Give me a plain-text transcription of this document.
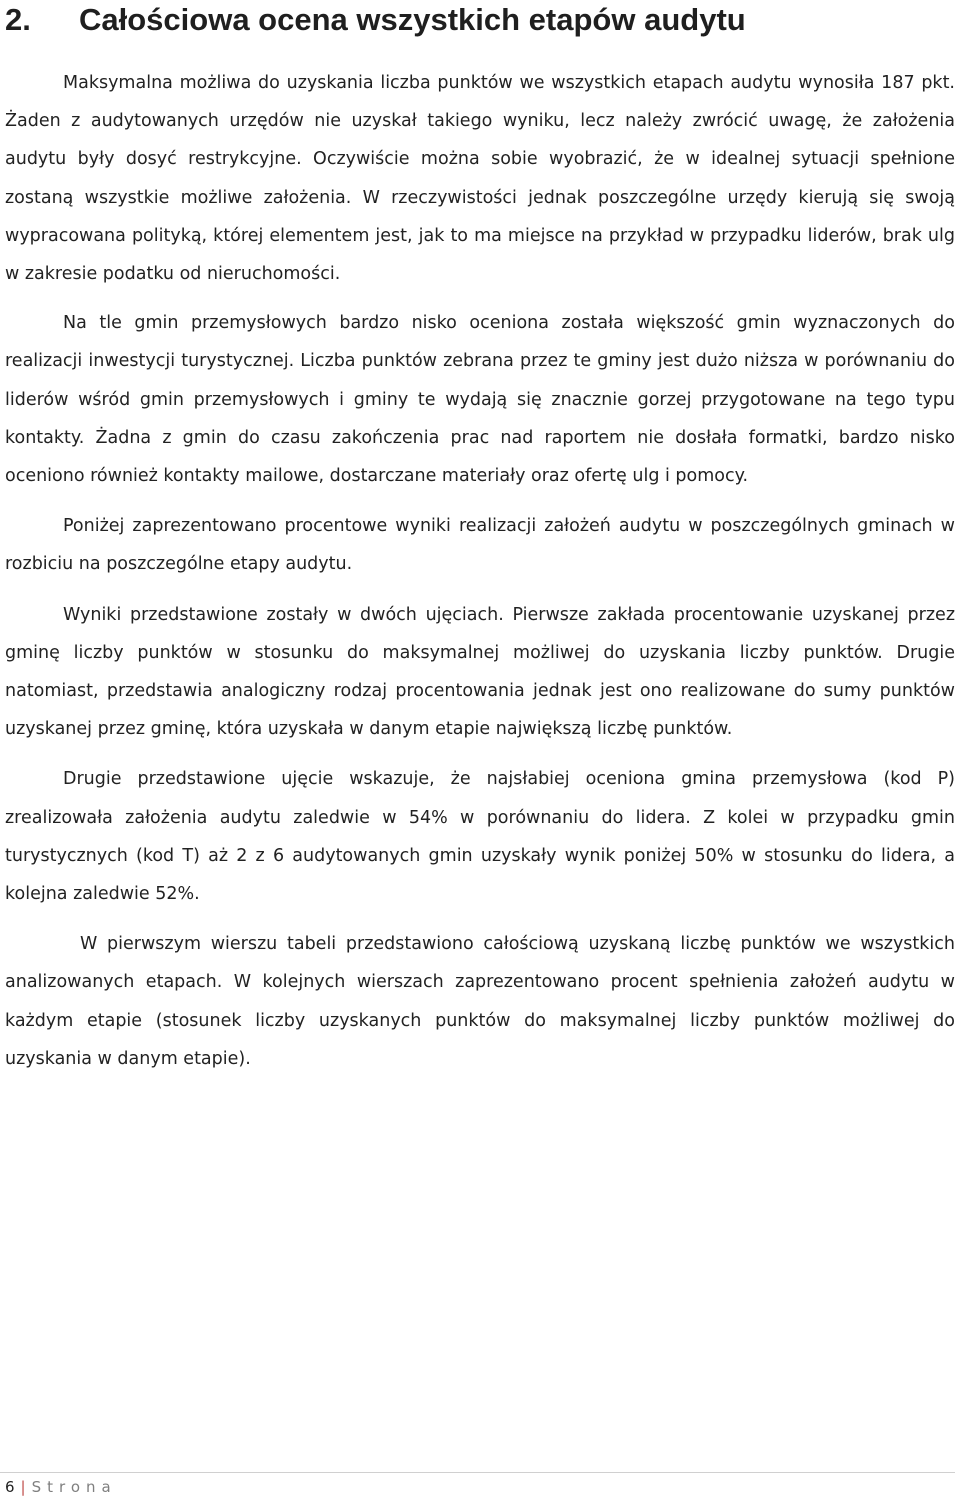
2. Całościowa ocena wszystkich etapów audytu

Maksymalna możliwa do uzyskania liczba punktów we wszystkich etapach audytu wynosiła 187 pkt. Żaden z audytowanych urzędów nie uzyskał takiego wyniku, lecz należy zwrócić uwagę, że założenia audytu były dosyć restrykcyjne. Oczywiście można sobie wyobrazić, że w idealnej sytuacji spełnione zostaną wszystkie możliwe założenia. W rzeczywistości jednak poszczególne urzędy kierują się swoją wypracowana polityką, której elementem jest, jak to ma miejsce na przykład w przypadku liderów, brak ulg w zakresie podatku od nieruchomości.

Na tle gmin przemysłowych bardzo nisko oceniona została większość gmin wyznaczonych do realizacji inwestycji turystycznej. Liczba punktów zebrana przez te gminy jest dużo niższa w porównaniu do liderów wśród gmin przemysłowych i gminy te wydają się znacznie gorzej przygotowane na tego typu kontakty. Żadna z gmin do czasu zakończenia prac nad raportem nie dosłała formatki, bardzo nisko oceniono również kontakty mailowe, dostarczane materiały oraz ofertę ulg i pomocy.

Poniżej zaprezentowano procentowe wyniki realizacji założeń audytu w poszczególnych gminach w rozbiciu na poszczególne etapy audytu.

Wyniki przedstawione zostały w dwóch ujęciach. Pierwsze zakłada procentowanie uzyskanej przez gminę liczby punktów w stosunku do maksymalnej możliwej do uzyskania liczby punktów. Drugie natomiast, przedstawia analogiczny rodzaj procentowania jednak jest ono realizowane do sumy punktów uzyskanej przez gminę, która uzyskała w danym etapie największą liczbę punktów.

Drugie przedstawione ujęcie wskazuje, że najsłabiej oceniona gmina przemysłowa (kod P) zrealizowała założenia audytu zaledwie w 54% w porównaniu do lidera. Z kolei w przypadku gmin turystycznych (kod T) aż 2 z 6 audytowanych gmin uzyskały wynik poniżej 50% w stosunku do lidera, a kolejna zaledwie 52%.

W pierwszym wierszu tabeli przedstawiono całościową uzyskaną liczbę punktów we wszystkich analizowanych etapach. W kolejnych wierszach zaprezentowano procent spełnienia założeń audytu w każdym etapie (stosunek liczby uzyskanych punktów do maksymalnej liczby punktów możliwej do uzyskania w danym etapie).

6 | Strona
